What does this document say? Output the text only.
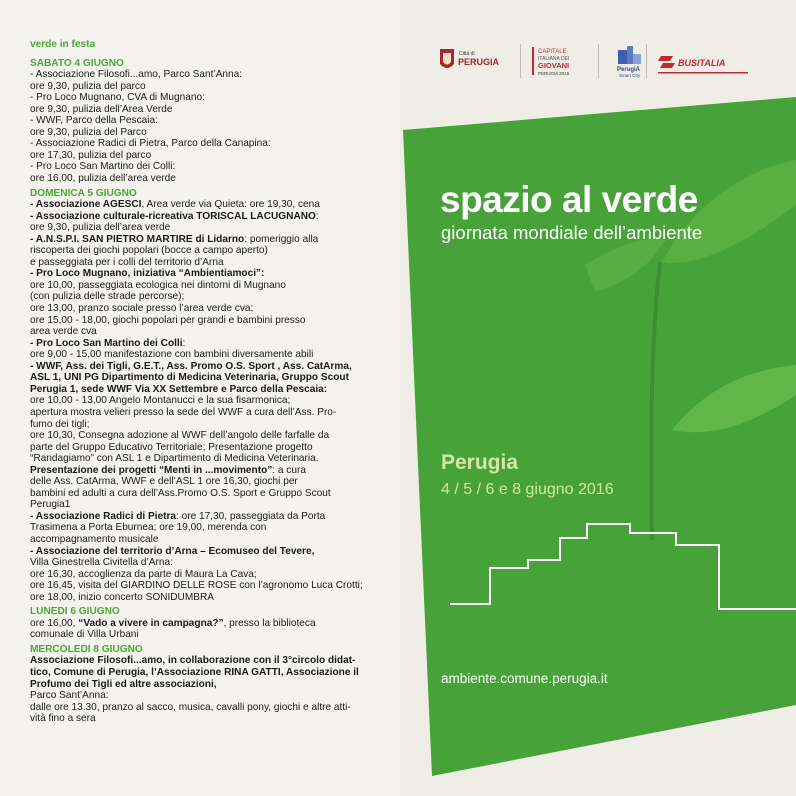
verde in festa
SABATO 4 GIUGNO
- Associazione Filosofi...amo, Parco Sant’Anna:
ore 9,30, pulizia del parco
- Pro Loco Mugnano, CVA di Mugnano:
ore 9,30, pulizia dell’Area Verde
- WWF, Parco della Pescaia:
ore 9,30, pulizia del Parco
- Associazione Radici di Pietra, Parco della Canapina:
ore 17,30, pulizia del parco
- Pro Loco San Martino dei Colli:
ore 16,00, pulizia dell’area verde
DOMENICA 5 GIUGNO
- Associazione AGESCI, Area verde via Quieta: ore 19,30, cena
- Associazione culturale-ricreativa TORISCAL LACUGNANO:
ore 9,30, pulizia dell’area verde
- A.N.S.P.I. SAN PIETRO MARTIRE di Lidarno: pomeriggio alla
riscoperta dei giochi popolari (bocce a campo aperto)
e passeggiata per i colli del territorio d’Arna
- Pro Loco Mugnano, iniziativa “Ambientiamoci”:
ore 10,00, passeggiata ecologica nei dintorni di Mugnano
(con pulizia delle strade percorse);
ore 13,00, pranzo sociale presso l’area verde cva;
ore 15,00 - 18,00, giochi popolari per grandi e bambini presso
area verde cva
- Pro Loco San Martino dei Colli:
ore 9,00 - 15,00 manifestazione con bambini diversamente abili
- WWF, Ass. dei Tigli, G.E.T., Ass. Promo O.S. Sport , Ass. CatArma,
ASL 1, UNI PG Dipartimento di Medicina Veterinaria, Gruppo Scout
Perugia 1, sede WWF Via XX Settembre e Parco della Pescaia:
ore 10,00 - 13,00 Angelo Montanucci e la sua fisarmonica;
apertura mostra velieri presso la sede del WWF a cura dell’Ass. Pro-
fumo dei tigli;
ore 10,30, Consegna adozione al WWF dell’angolo delle farfalle da
parte del Gruppo Educativo Territoriale; Presentazione progetto
“Randagiamo” con ASL 1 e Dipartimento di Medicina Veterinaria.
Presentazione dei progetti “Menti in ...movimento”: a cura
delle Ass. CatArma, WWF e dell’ASL 1 ore 16,30, giochi per
bambini ed adulti a cura dell’Ass.Promo O.S. Sport e Gruppo Scout
Perugia1
- Associazione Radici di Pietra: ore 17,30, passeggiata da Porta
Trasimena a Porta Eburnea; ore 19,00, merenda con
accompagnamento musicale
- Associazione del territorio d’Arna – Ecomuseo del Tevere,
Villa Ginestrella Civitella d’Arna:
ore 16,30, accoglienza da parte di Maura La Cava;
ore 16,45, visita del GIARDINO DELLE ROSE con l’agronomo Luca Crotti;
ore 18,00, inizio concerto SONIDUMBRA
LUNEDÌ 6 GIUGNO
ore 16,00, “Vado a vivere in campagna?”, presso la biblioteca
comunale di Villa Urbani
MERCOLEDÌ 8 GIUGNO
Associazione Filosofi...amo, in collaborazione con il 3°circolo didat-
tico, Comune di Perugia, l’Associazione RINA GATTI, Associazione il
Profumo dei Tigli ed altre associazioni,
Parco Sant’Anna:
dalle ore 13.30, pranzo al sacco, musica, cavalli pony, giochi e altre atti-
vità fino a sera
Città di
PERUGIA
CAPITALE
ITALIANA DEI
GIOVANI
PERUGIA 2016
PerugiA
Smart City
BUSITALIA
spazio al verde
giornata mondiale dell’ambiente
Perugia
4 / 5 / 6 e 8 giugno 2016
ambiente.comune.perugia.it
